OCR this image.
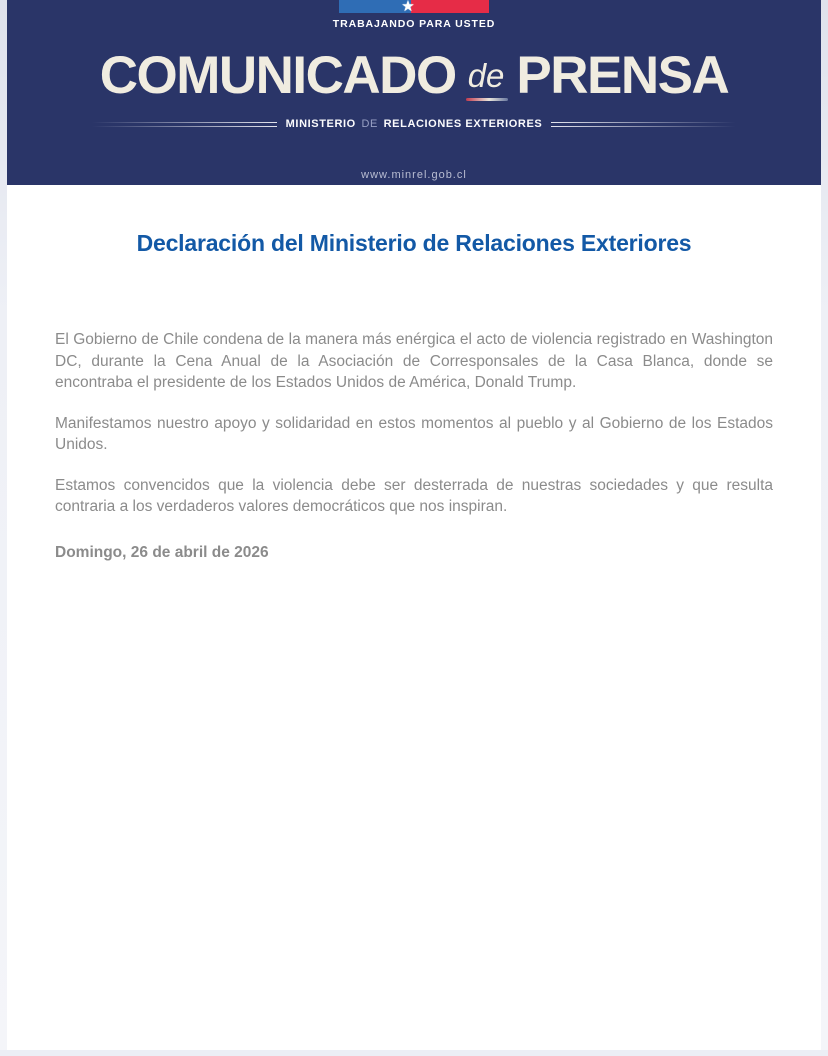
★
TRABAJANDO PARA USTED
COMUNICADO de PRENSA
MINISTERIO DE RELACIONES EXTERIORES
www.minrel.gob.cl
Declaración del Ministerio de Relaciones Exteriores

El Gobierno de Chile condena de la manera más enérgica el acto de violencia registrado en Washington DC, durante la Cena Anual de la Asociación de Corresponsales de la Casa Blanca, donde se encontraba el presidente de los Estados Unidos de América, Donald Trump.

Manifestamos nuestro apoyo y solidaridad en estos momentos al pueblo y al Gobierno de los Estados Unidos.

Estamos convencidos que la violencia debe ser desterrada de nuestras sociedades y que resulta contraria a los verdaderos valores democráticos que nos inspiran.

Domingo, 26 de abril de 2026
